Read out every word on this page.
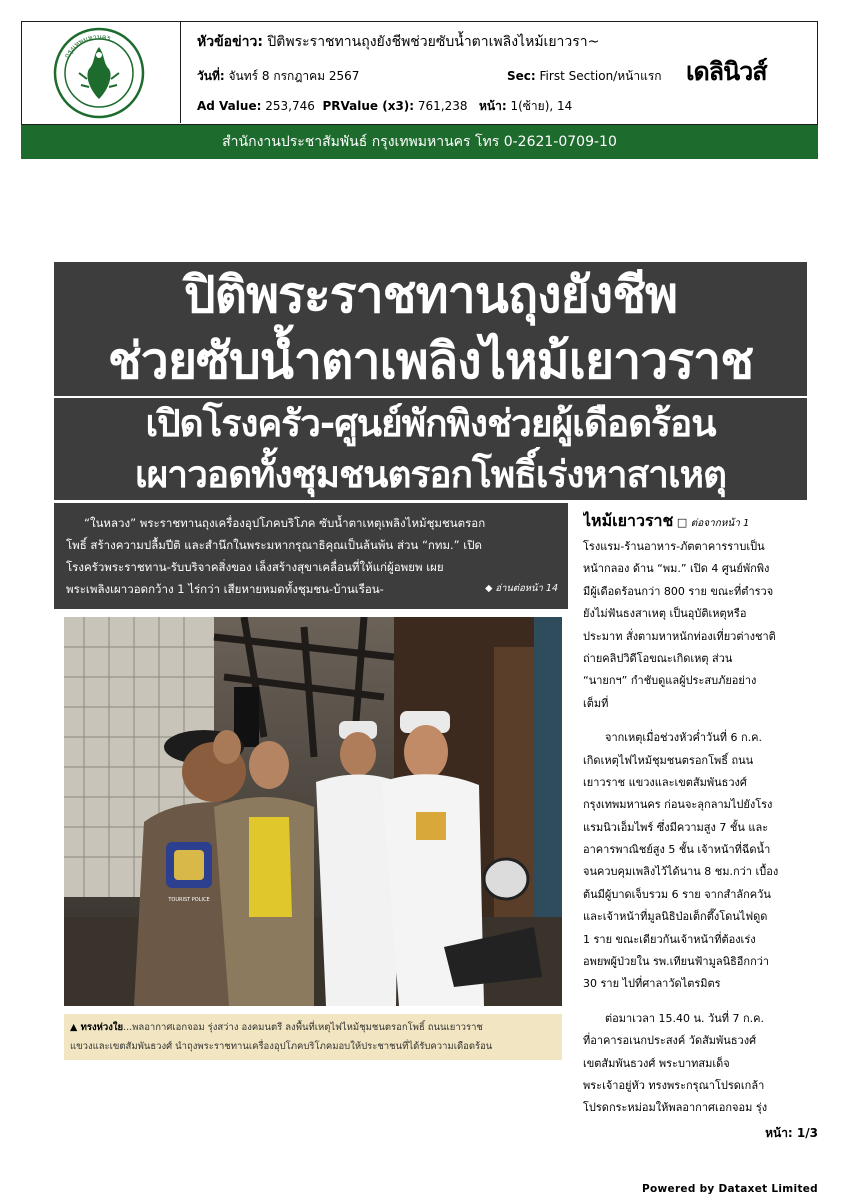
กรุงเทพมหานคร	หัวข้อข่าว: ปิติพระราชทานถุงยังชีพช่วยซับน้ำตาเพลิงไหม้เยาวรา~
วันที่: จันทร์ 8 กรกฎาคม 2567	Sec: First Section/หน้าแรก
Ad Value: 253,746 PRValue (x3): 761,238 หน้า: 1(ซ้าย), 14
เดลินิวส์
สำนักงานประชาสัมพันธ์ กรุงเทพมหานคร โทร 0-2621-0709-10
ปิติพระราชทานถุงยังชีพ
ช่วยซับน้ำตาเพลิงไหม้เยาวราช
เปิดโรงครัว-ศูนย์พักพิงช่วยผู้เดือดร้อน
เผาวอดทั้งชุมชนตรอกโพธิ์เร่งหาสาเหตุ
“ในหลวง” พระราชทานถุงเครื่องอุปโภคบริโภค ซับน้ำตาเหตุเพลิงไหม้ชุมชนตรอก
โพธิ์ สร้างความปลื้มปีติ และสำนึกในพระมหากรุณาธิคุณเป็นล้นพ้น ส่วน “กทม.” เปิด
โรงครัวพระราชทาน-รับบริจาคสิ่งของ เล็งสร้างสุขาเคลื่อนที่ให้แก่ผู้อพยพ เผย
พระเพลิงเผาวอดกว้าง 1 ไร่กว่า เสียหายหมดทั้งชุมชน-บ้านเรือน-	◆ อ่านต่อหน้า 14
TOURIST POLICE
▲ ทรงห่วงใย...พลอากาศเอกจอม รุ่งสว่าง องคมนตรี ลงพื้นที่เหตุไฟไหม้ชุมชนตรอกโพธิ์ ถนนเยาวราช
แขวงและเขตสัมพันธวงศ์ นำถุงพระราชทานเครื่องอุปโภคบริโภคมอบให้ประชาชนที่ได้รับความเดือดร้อน
ไหม้เยาวราช □ ต่อจากหน้า 1
โรงแรม-ร้านอาหาร-ภัตตาคารราบเป็น
หน้ากลอง ด้าน “พม.” เปิด 4 ศูนย์พักพิง
มีผู้เดือดร้อนกว่า 800 ราย ขณะที่ตำรวจ
ยังไม่ฟันธงสาเหตุ เป็นอุบัติเหตุหรือ
ประมาท สั่งตามหาหนักท่องเที่ยวต่างชาติ
ถ่ายคลิปวิดีโอขณะเกิดเหตุ ส่วน
“นายกฯ” กำชับดูแลผู้ประสบภัยอย่าง
เต็มที่
จากเหตุเมื่อช่วงหัวค่ำวันที่ 6 ก.ค.
เกิดเหตุไฟไหม้ชุมชนตรอกโพธิ์ ถนน
เยาวราช แขวงและเขตสัมพันธวงศ์
กรุงเทพมหานคร ก่อนจะลุกลามไปยังโรง
แรมนิวเอ็มไพร์ ซึ่งมีความสูง 7 ชั้น และ
อาคารพาณิชย์สูง 5 ชั้น เจ้าหน้าที่ฉีดน้ำ
จนควบคุมเพลิงไว้ได้นาน 8 ชม.กว่า เบื้อง
ต้นมีผู้บาดเจ็บรวม 6 ราย จากสำลักควัน
และเจ้าหน้าที่มูลนิธิป่อเต็กตึ๊งโดนไฟดูด
1 ราย ขณะเดียวกันเจ้าหน้าที่ต้องเร่ง
อพยพผู้ป่วยใน รพ.เทียนฟ้ามูลนิธิอีกกว่า
30 ราย ไปที่ศาลาวัดไตรมิตร
ต่อมาเวลา 15.40 น. วันที่ 7 ก.ค.
ที่อาคารอเนกประสงค์ วัดสัมพันธวงศ์
เขตสัมพันธวงศ์ พระบาทสมเด็จ
พระเจ้าอยู่หัว ทรงพระกรุณาโปรดเกล้า
โปรดกระหม่อมให้พลอากาศเอกจอม รุ่ง
หน้า: 1/3
Powered by Dataxet Limited
